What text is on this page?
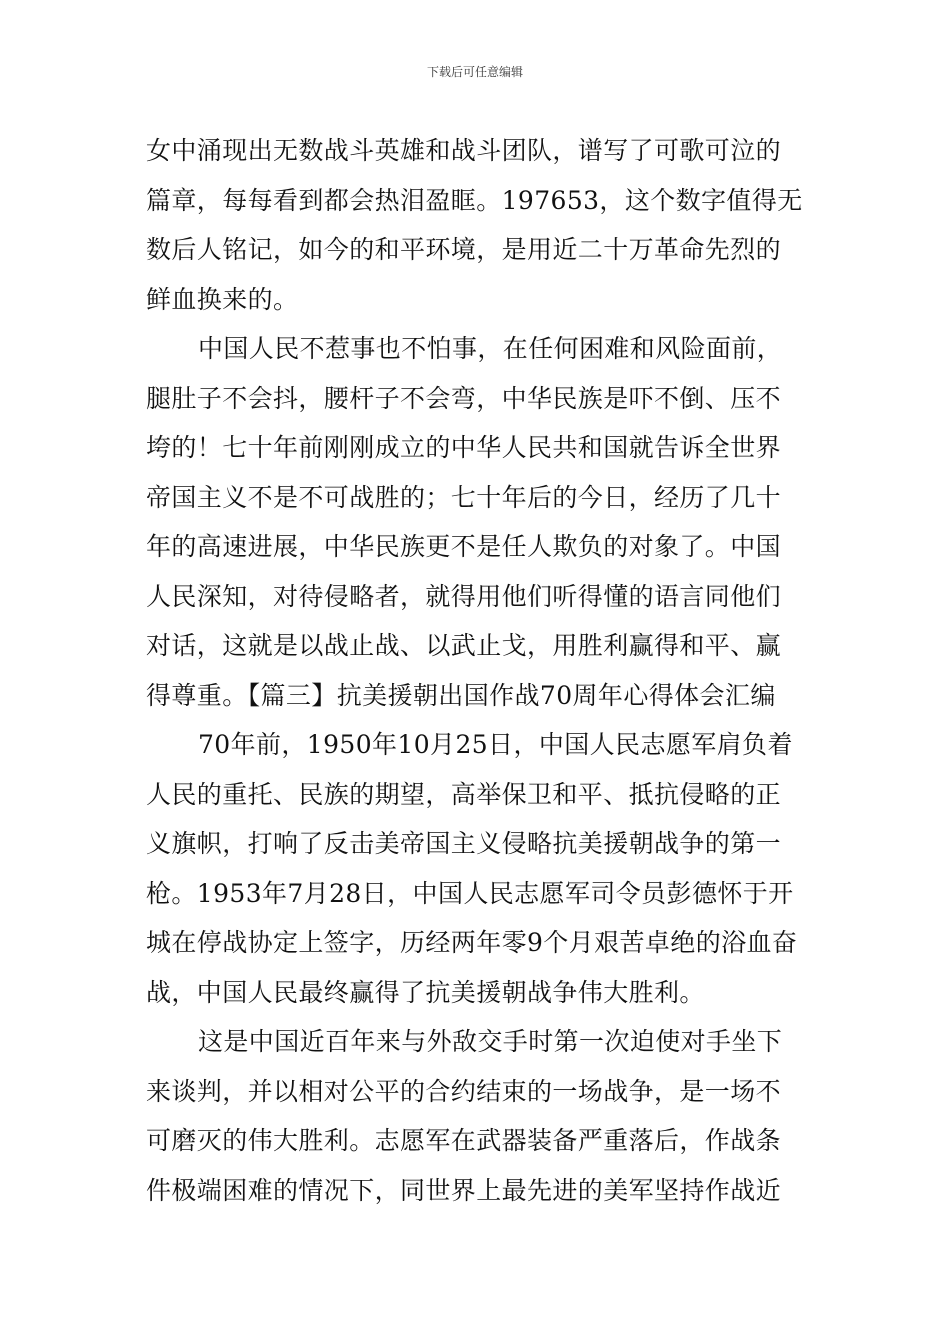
下载后可任意编辑
女中涌现出无数战斗英雄和战斗团队，谱写了可歌可泣的
篇章，每每看到都会热泪盈眶。197653，这个数字值得无
数后人铭记，如今的和平环境，是用近二十万革命先烈的
鲜血换来的。
中国人民不惹事也不怕事，在任何困难和风险面前，
腿肚子不会抖，腰杆子不会弯，中华民族是吓不倒、压不
垮的！七十年前刚刚成立的中华人民共和国就告诉全世界
帝国主义不是不可战胜的；七十年后的今日，经历了几十
年的高速进展，中华民族更不是任人欺负的对象了。中国
人民深知，对待侵略者，就得用他们听得懂的语言同他们
对话，这就是以战止战、以武止戈，用胜利赢得和平、赢
得尊重。【篇三】抗美援朝出国作战70周年心得体会汇编
70年前，1950年10月25日，中国人民志愿军肩负着
人民的重托、民族的期望，高举保卫和平、抵抗侵略的正
义旗帜，打响了反击美帝国主义侵略抗美援朝战争的第一
枪。1953年7月28日，中国人民志愿军司令员彭德怀于开
城在停战协定上签字，历经两年零9个月艰苦卓绝的浴血奋
战，中国人民最终赢得了抗美援朝战争伟大胜利。
这是中国近百年来与外敌交手时第一次迫使对手坐下
来谈判，并以相对公平的合约结束的一场战争，是一场不
可磨灭的伟大胜利。志愿军在武器装备严重落后，作战条
件极端困难的情况下，同世界上最先进的美军坚持作战近
